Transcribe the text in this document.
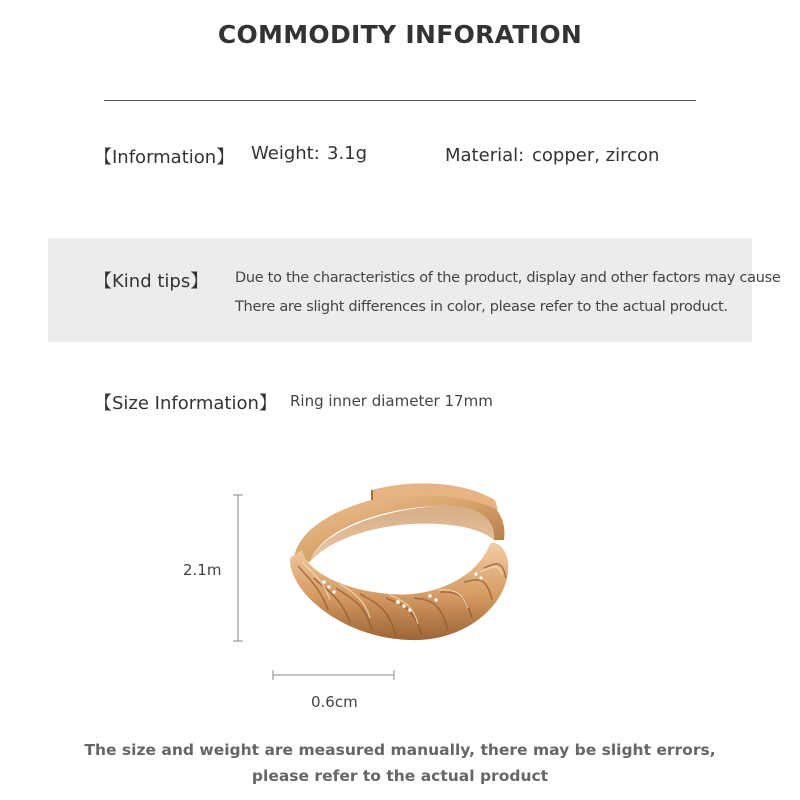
COMMODITY INFORATION
【Information】 Weight: 3.1g	Material: copper, zircon
【Kind tips】 Due to the characteristics of the product, display and other factors may cause
There are slight differences in color, please refer to the actual product.
【Size Information】 Ring inner diameter 17mm
2.1m
0.6cm
The size and weight are measured manually, there may be slight errors,
please refer to the actual product
